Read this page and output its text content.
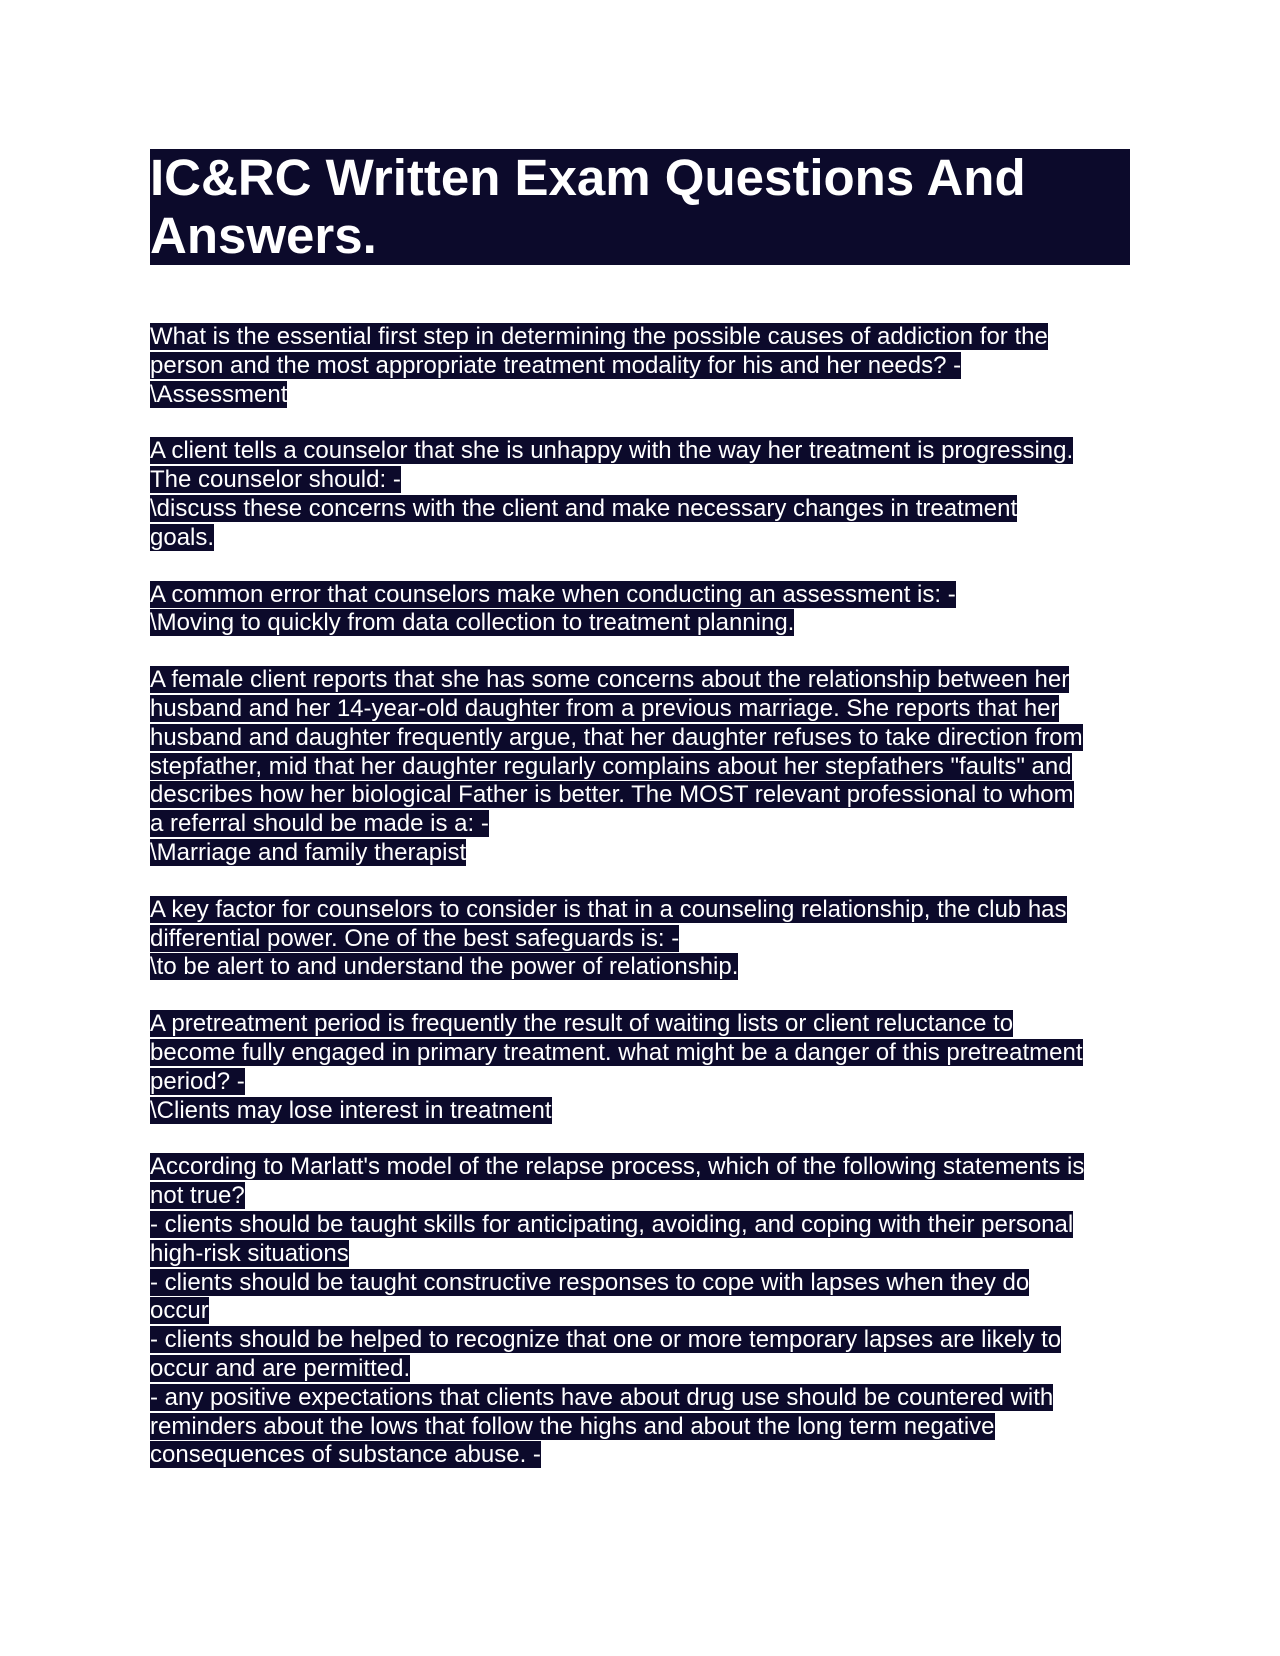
IC&RC Written Exam Questions And
Answers.
What is the essential first step in determining the possible causes of addiction for the
person and the most appropriate treatment modality for his and her needs? -
\Assessment
A client tells a counselor that she is unhappy with the way her treatment is progressing.
The counselor should: -
\discuss these concerns with the client and make necessary changes in treatment
goals.
A common error that counselors make when conducting an assessment is: -
\Moving to quickly from data collection to treatment planning.
A female client reports that she has some concerns about the relationship between her
husband and her 14-year-old daughter from a previous marriage. She reports that her
husband and daughter frequently argue, that her daughter refuses to take direction from
stepfather, mid that her daughter regularly complains about her stepfathers "faults" and
describes how her biological Father is better. The MOST relevant professional to whom
a referral should be made is a: -
\Marriage and family therapist
A key factor for counselors to consider is that in a counseling relationship, the club has
differential power. One of the best safeguards is: -
\to be alert to and understand the power of relationship.
A pretreatment period is frequently the result of waiting lists or client reluctance to
become fully engaged in primary treatment. what might be a danger of this pretreatment
period? -
\Clients may lose interest in treatment
According to Marlatt's model of the relapse process, which of the following statements is
not true?
- clients should be taught skills for anticipating, avoiding, and coping with their personal
high-risk situations
- clients should be taught constructive responses to cope with lapses when they do
occur
- clients should be helped to recognize that one or more temporary lapses are likely to
occur and are permitted.
- any positive expectations that clients have about drug use should be countered with
reminders about the lows that follow the highs and about the long term negative
consequences of substance abuse. -
